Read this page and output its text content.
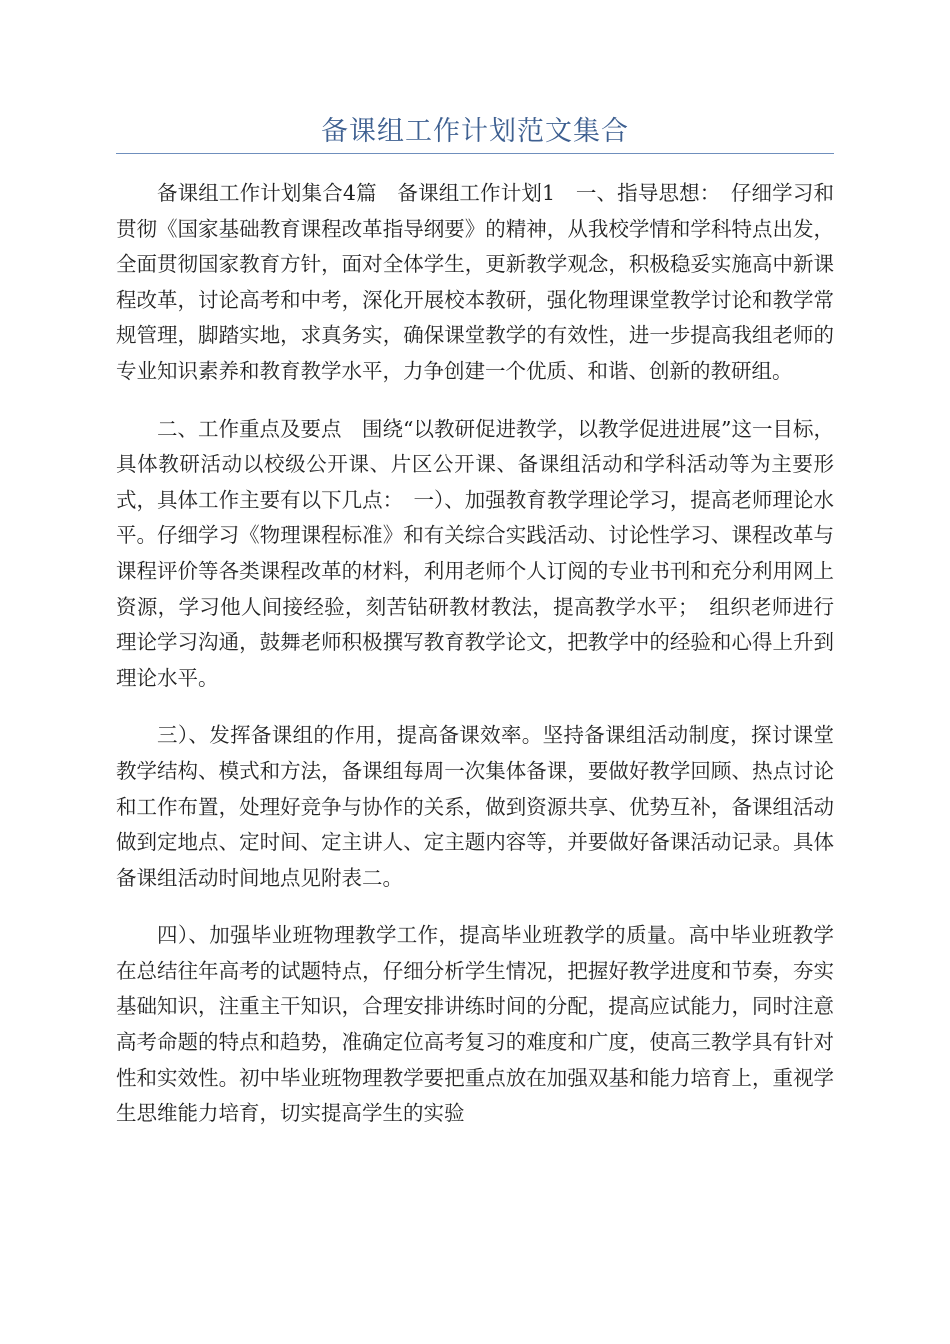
备课组工作计划范文集合

备课组工作计划集合4篇　备课组工作计划1　一、指导思想：　仔细学习和贯彻《国家基础教育课程改革指导纲要》的精神，从我校学情和学科特点出发，全面贯彻国家教育方针，面对全体学生，更新教学观念，积极稳妥实施高中新课程改革，讨论高考和中考，深化开展校本教研，强化物理课堂教学讨论和教学常规管理，脚踏实地，求真务实，确保课堂教学的有效性，进一步提高我组老师的专业知识素养和教育教学水平，力争创建一个优质、和谐、创新的教研组。

二、工作重点及要点　围绕“以教研促进教学，以教学促进进展”这一目标，具体教研活动以校级公开课、片区公开课、备课组活动和学科活动等为主要形式，具体工作主要有以下几点：　一）、加强教育教学理论学习，提高老师理论水平。仔细学习《物理课程标准》和有关综合实践活动、讨论性学习、课程改革与课程评价等各类课程改革的材料，利用老师个人订阅的专业书刊和充分利用网上资源，学习他人间接经验，刻苦钻研教材教法，提高教学水平；　组织老师进行理论学习沟通，鼓舞老师积极撰写教育教学论文，把教学中的经验和心得上升到理论水平。

三）、发挥备课组的作用，提高备课效率。坚持备课组活动制度，探讨课堂教学结构、模式和方法，备课组每周一次集体备课，要做好教学回顾、热点讨论和工作布置，处理好竞争与协作的关系，做到资源共享、优势互补，备课组活动做到定地点、定时间、定主讲人、定主题内容等，并要做好备课活动记录。具体备课组活动时间地点见附表二。

四）、加强毕业班物理教学工作，提高毕业班教学的质量。高中毕业班教学在总结往年高考的试题特点，仔细分析学生情况，把握好教学进度和节奏，夯实基础知识，注重主干知识，合理安排讲练时间的分配，提高应试能力，同时注意高考命题的特点和趋势，准确定位高考复习的难度和广度，使高三教学具有针对性和实效性。初中毕业班物理教学要把重点放在加强双基和能力培育上，重视学生思维能力培育，切实提高学生的实验
